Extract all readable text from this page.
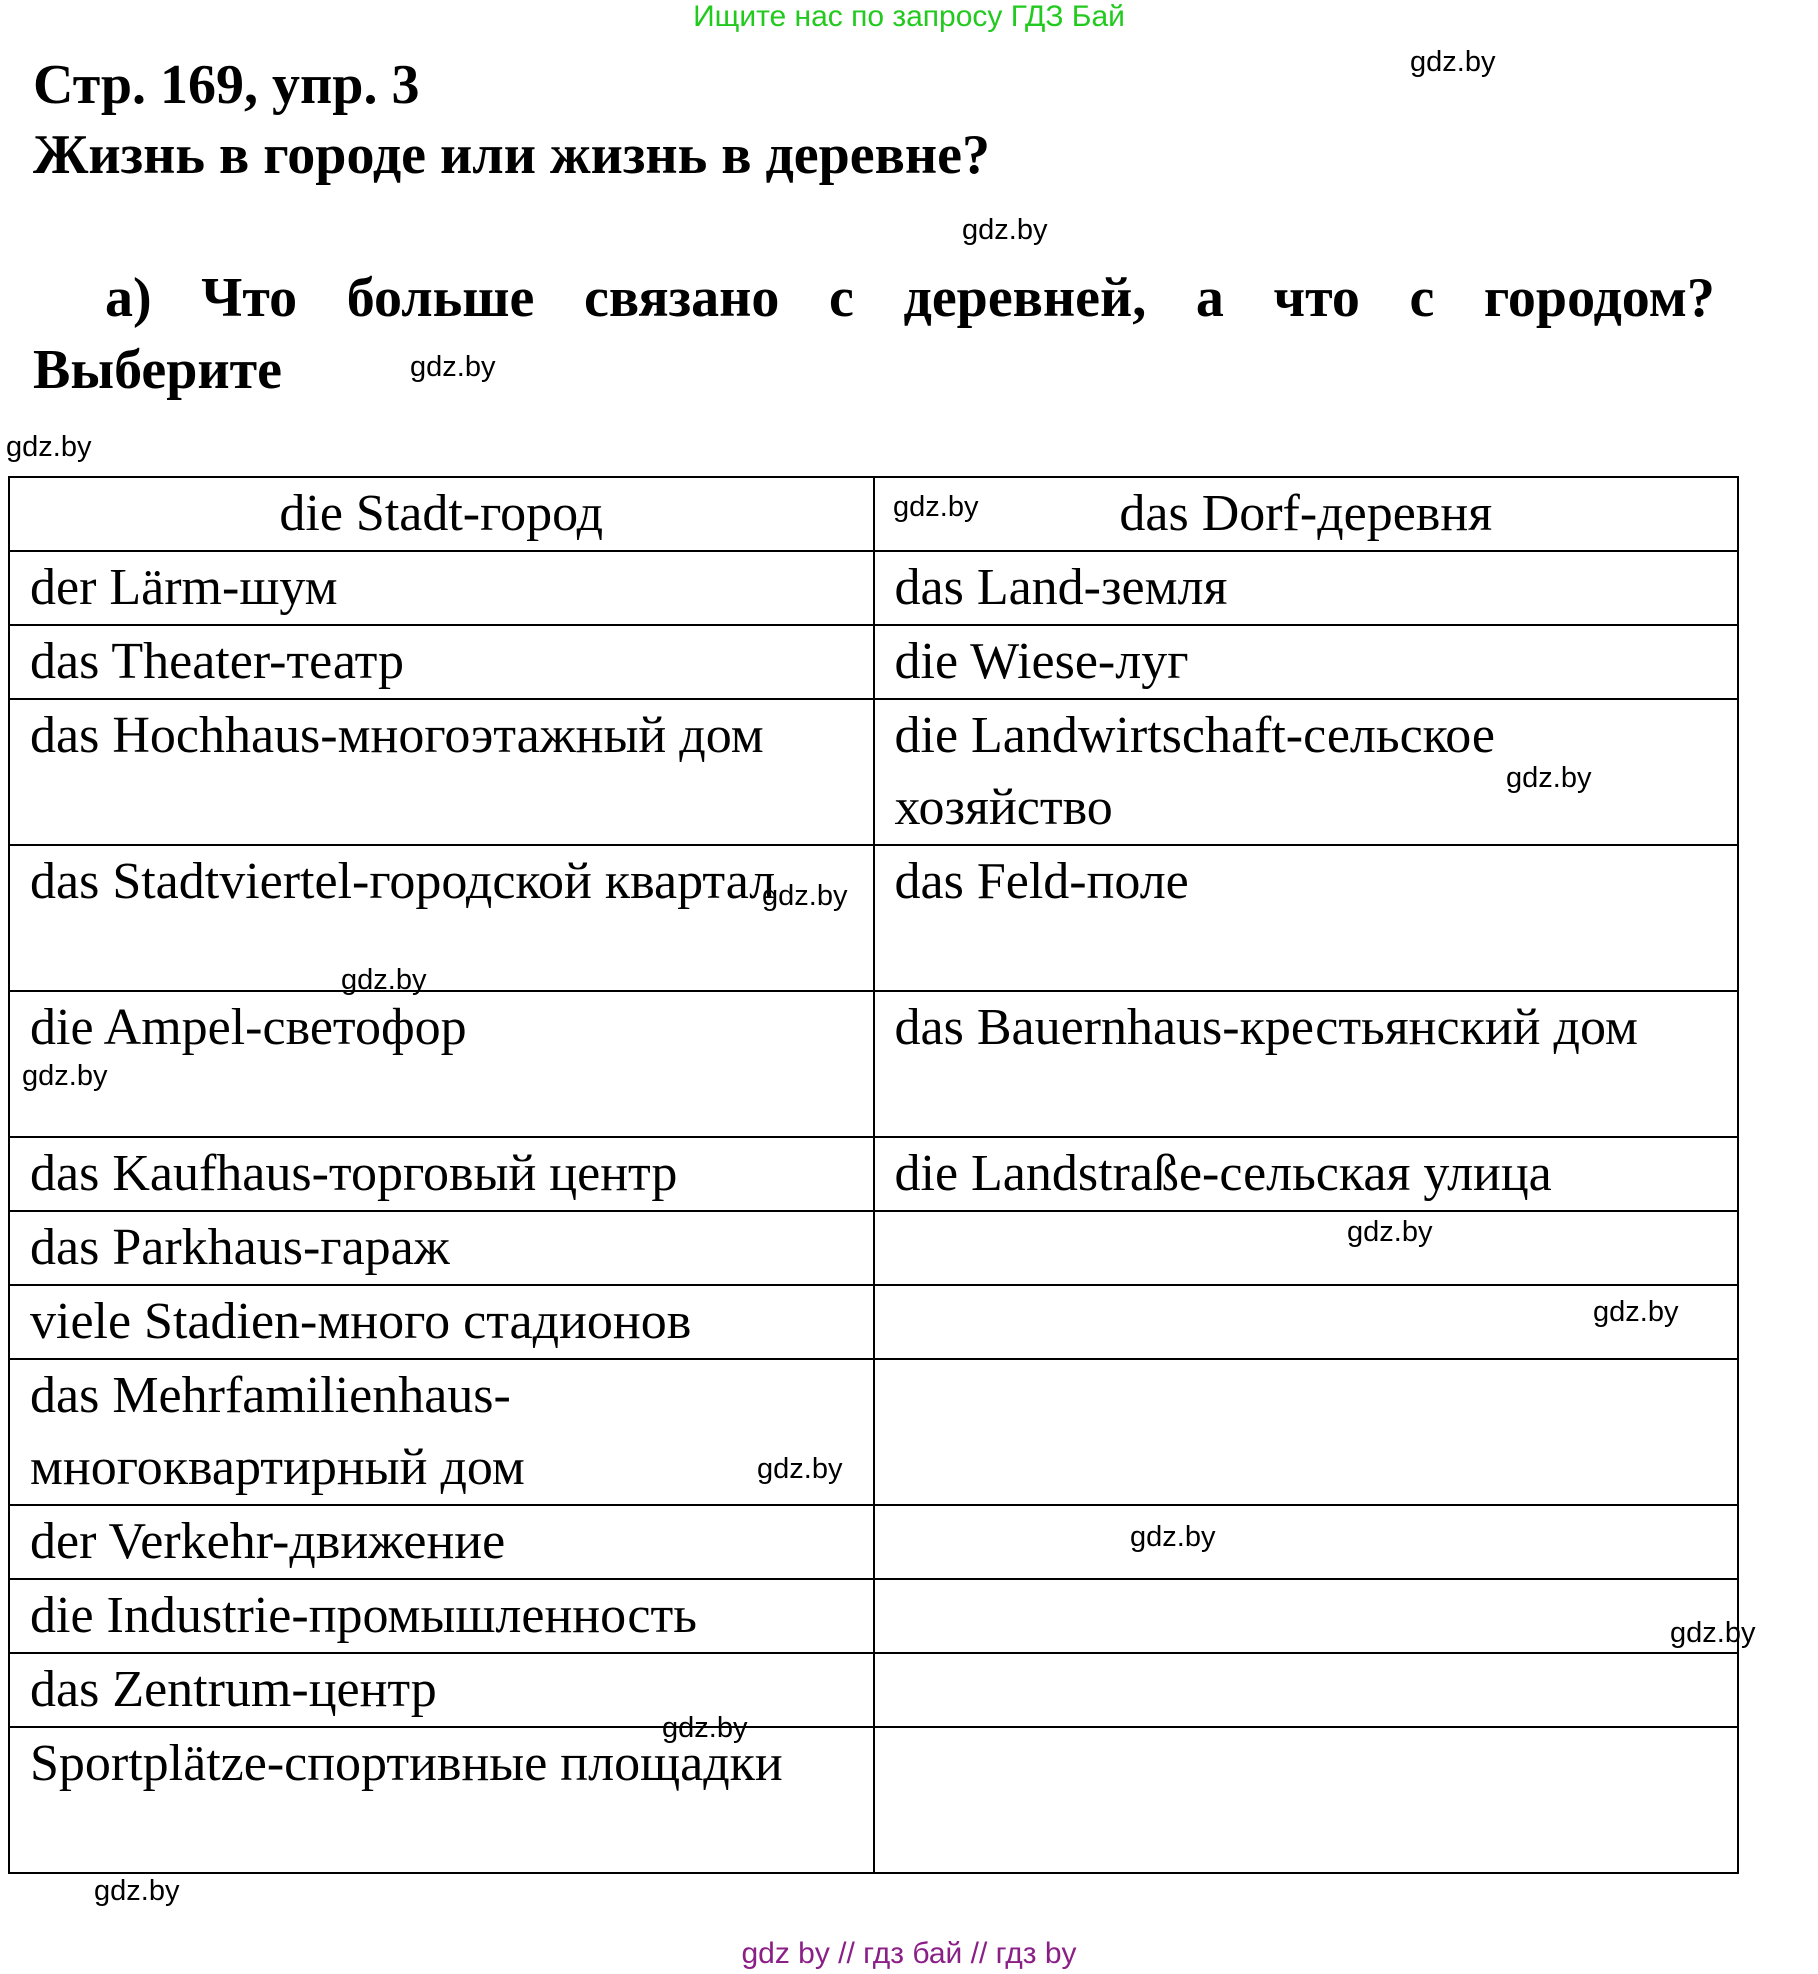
Ищите нас по запросу ГДЗ Бай
Стр. 169, упр. 3
Жизнь в городе или жизнь в деревне?
а) Что больше связано с деревней, а что с городом?
Выберите
die Stadt-город	das Dorf-деревня
der Lärm-шум	das Land-земля
das Theater-театр	die Wiese-луг
das Hochhaus-многоэтажный дом	die Landwirtschaft-сельское хозяйство
das Stadtviertel-городской квартал	das Feld-поле
die Ampel-светофор	das Bauernhaus-крестьянский дом
das Kaufhaus-торговый центр	die Landstraße-сельская улица
das Parkhaus-гараж	
viele Stadien-много стадионов	
das Mehrfamilienhaus-многоквартирный дом	
der Verkehr-движение	
die Industrie-промышленность	
das Zentrum-центр	
Sportplätze-спортивные площадки	
gdz.by
gdz.by
gdz.by
gdz.by
gdz.by
gdz.by
gdz.by
gdz.by
gdz.by
gdz.by
gdz.by
gdz.by
gdz.by
gdz.by
gdz.by
gdz.by
gdz by // гдз бай // гдз by
